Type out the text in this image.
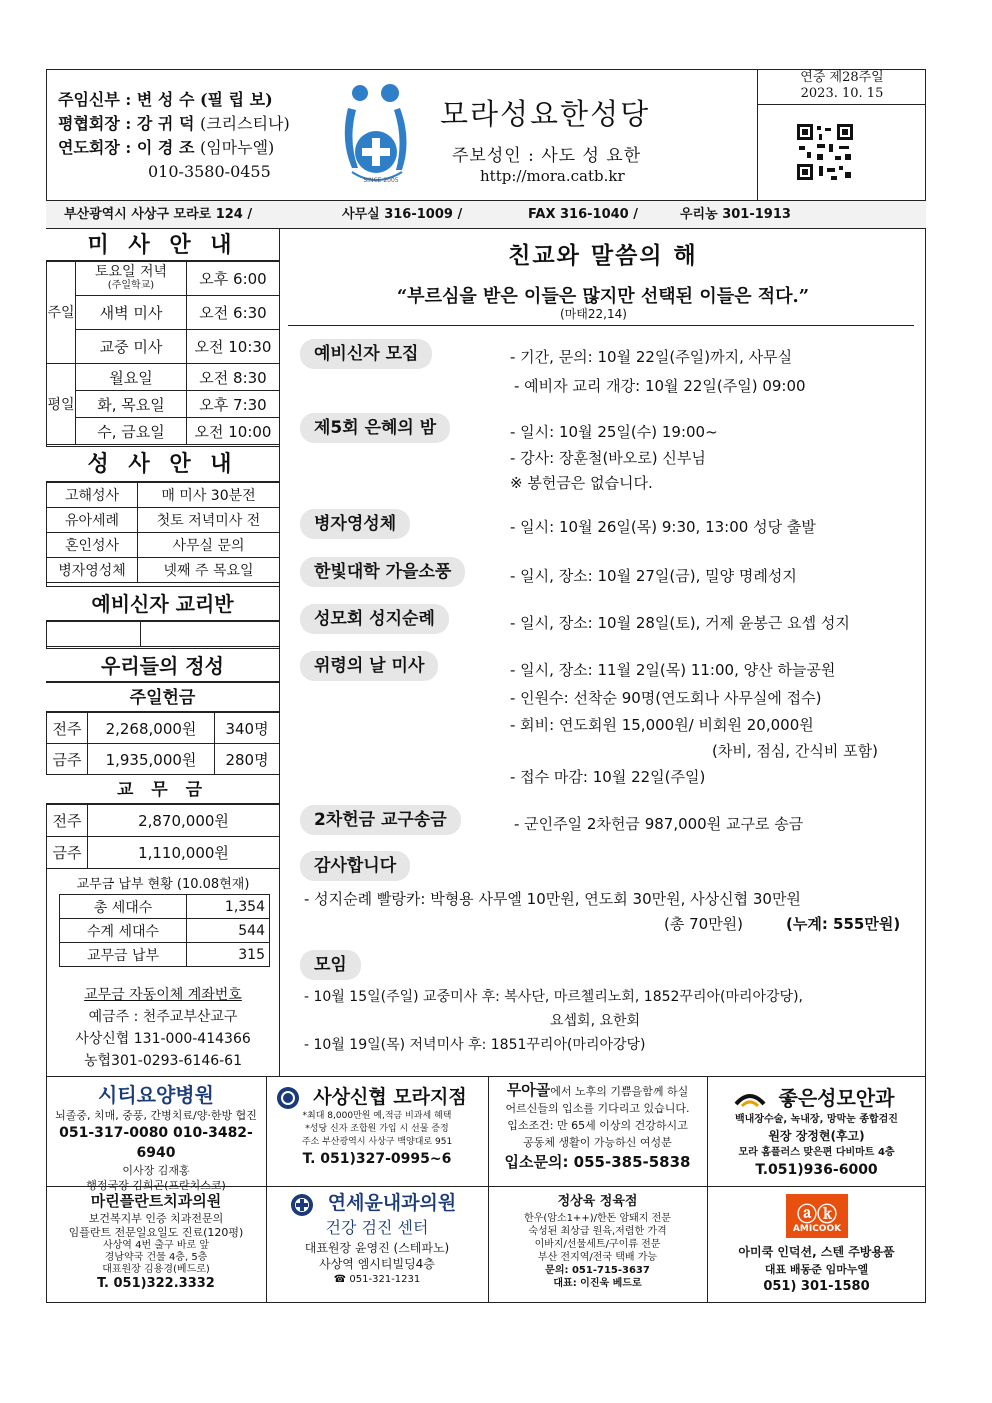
주임신부 : 변 성 수 (필 립 보)
평협회장 : 강 귀 덕 (크리스티나)
연도회장 : 이 경 조 (임마누엘)
010-3580-0455	SINCE 2005
모라성요한성당
주보성인 : 사도 성 요한
http://mora.catb.kr
연중 제28주일
2023. 10. 15
부산광역시 사상구 모라로 124 /	사무실 316-1009 /	FAX 316-1040 /	우리농 301-1913
미 사 안 내
주일	토요일 저녁
(주일학교)	오후 6:00
	새벽 미사	오전 6:30
	교중 미사	오전 10:30
평일	월요일	오전 8:30
	화, 목요일	오후 7:30
	수, 금요일	오전 10:00
성 사 안 내
고해성사	매 미사 30분전
유아세례	첫토 저녁미사 전
혼인성사	사무실 문의
병자영성체	넷째 주 목요일
예비신자 교리반

우리들의 정성
주일헌금
전주	2,268,000원	340명
금주	1,935,000원	280명
교 무 금
전주	2,870,000원
금주	1,110,000원
교무금 납부 현황 (10.08현재)
총 세대수	1,354
수계 세대수	544
교무금 납부	315
교무금 자동이체 계좌번호
예금주 : 천주교부산교구
사상신협 131-000-414366
농협301-0293-6146-61
친교와 말씀의 해
“부르심을 받은 이들은 많지만 선택된 이들은 적다.”
(마태22,14)
예비신자 모집	- 기간, 문의: 10월 22일(주일)까지, 사무실
- 예비자 교리 개강: 10월 22일(주일) 09:00
제5회 은혜의 밤	- 일시: 10월 25일(수) 19:00~
- 강사: 장훈철(바오로) 신부님
※ 봉헌금은 없습니다.
병자영성체	- 일시: 10월 26일(목) 9:30, 13:00 성당 출발
한빛대학 가을소풍	- 일시, 장소: 10월 27일(금), 밀양 명례성지
성모회 성지순례	- 일시, 장소: 10월 28일(토), 거제 윤봉근 요셉 성지
위령의 날 미사	- 일시, 장소: 11월 2일(목) 11:00, 양산 하늘공원
- 인원수: 선착순 90명(연도회나 사무실에 접수)
- 회비: 연도회원 15,000원/ 비회원 20,000원
(차비, 점심, 간식비 포함)
- 접수 마감: 10월 22일(주일)
2차헌금 교구송금	- 군인주일 2차헌금 987,000원 교구로 송금
감사합니다
- 성지순례 빨랑카: 박형용 사무엘 10만원, 연도회 30만원, 사상신협 30만원
(총 70만원)	(누계: 555만원)
모임
- 10월 15일(주일) 교중미사 후: 복사단, 마르첼리노회, 1852꾸리아(마리아강당),
요셉회, 요한회
- 10월 19일(목) 저녁미사 후: 1851꾸리아(마리아강당)
시티요양병원
뇌졸중, 치매, 중풍, 간병치료/양·한방 협진
051-317-0080 010-3482-6940
이사장 김재홍
행정국장 김희곤(프란치스코)
사상신협 모라지점
*최대 8,000만원 예,적금 비과세 혜택
*성당 신자 조합원 가입 시 선물 증정
주소 부산광역시 사상구 백양대로 951
T. 051)327-0995~6
무아골에서 노후의 기쁨을함께 하실
어르신들의 입소를 기다리고 있습니다.
입소조건: 만 65세 이상의 건강하시고
공동체 생활이 가능하신 여성분
입소문의: 055-385-5838
좋은성모안과
백내장수술, 녹내장, 망막눈 종합검진
원장 장정현(후고)
모라 홈플러스 맞은편 다비마트 4층
T.051)936-6000
마린플란트치과의원
보건복지부 인증 치과전문의
임플란트 전문일요일도 진료(120평)
사상역 4번 출구 바로 앞
경남약국 건물 4층, 5층
대표원장 김용경(베드로)
T. 051)322.3332
연세윤내과의원
건강 검진 센터
대표원장 윤영진 (스테파노)
사상역 엠시티빌딩4층
☎ 051-321-1231
정상육 정육점
한우(암소1++)/한돈 암돼지 전문
숙성된 최상급 원육,저렴한 가격
이바지/선물세트/구이류 전문
부산 전지역/전국 택배 가능
문의: 051-715-3637
대표: 이진욱 베드로
ⓐⓚ
AMICOOK
아미쿡 인덕션, 스텐 주방용품
대표 배동준 임마누엘
051) 301-1580
